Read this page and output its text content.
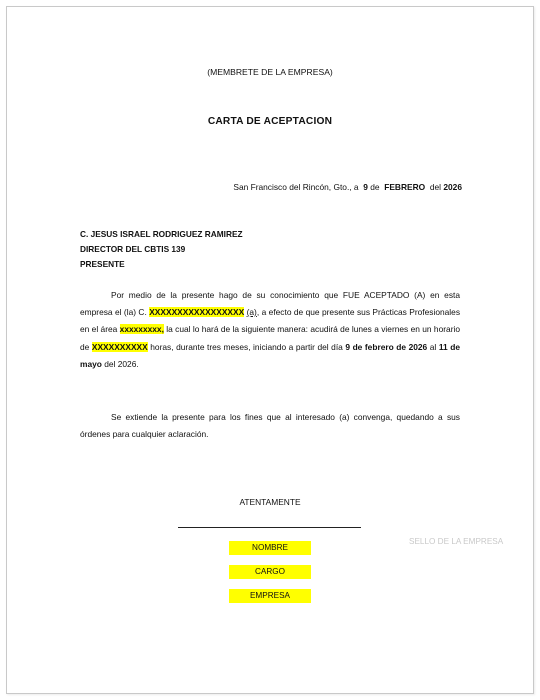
(MEMBRETE DE LA EMPRESA)
CARTA DE ACEPTACION
San Francisco del Rincón, Gto., a 9 de FEBRERO del 2026
C. JESUS ISRAEL RODRIGUEZ RAMIREZ
DIRECTOR DEL CBTIS 139
PRESENTE
Por medio de la presente hago de su conocimiento que FUE ACEPTADO (A) en esta empresa el (la) C. XXXXXXXXXXXXXXXXX (a), a efecto de que presente sus Prácticas Profesionales en el área xxxxxxxxx, la cual lo hará de la siguiente manera: acudirá de lunes a viernes en un horario de XXXXXXXXXX horas, durante tres meses, iniciando a partir del día 9 de febrero de 2026 al 11 de mayo del 2026.
Se extiende la presente para los fines que al interesado (a) convenga, quedando a sus órdenes para cualquier aclaración.
ATENTAMENTE
NOMBRE
CARGO
EMPRESA
SELLO DE LA EMPRESA
